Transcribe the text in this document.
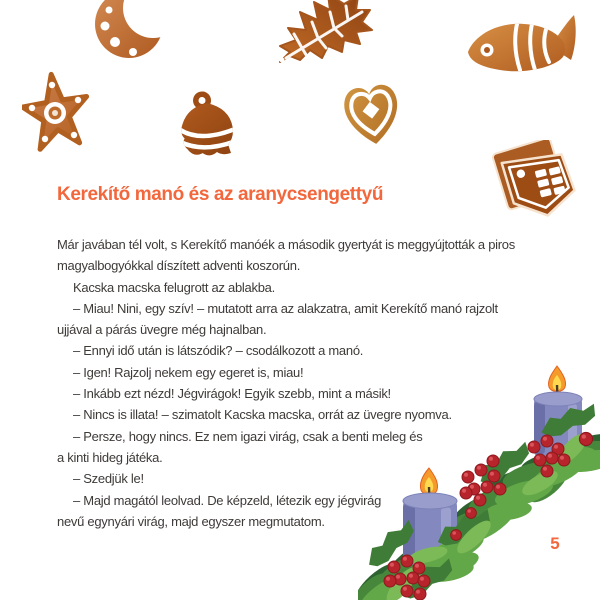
Kerekítő manó és az aranycsengettyű
Már javában tél volt, s Kerekítő manóék a második gyertyát is meggyújtották a piros
magyalbogyókkal díszített adventi koszorún.
Kacska macska felugrott az ablakba.
– Miau! Nini, egy szív! – mutatott arra az alakzatra, amit Kerekítő manó rajzolt
ujjával a párás üvegre még hajnalban.
– Ennyi idő után is látszódik? – csodálkozott a manó.
– Igen! Rajzolj nekem egy egeret is, miau!
– Inkább ezt nézd! Jégvirágok! Egyik szebb, mint a másik!
– Nincs is illata! – szimatolt Kacska macska, orrát az üvegre nyomva.
– Persze, hogy nincs. Ez nem igazi virág, csak a benti meleg és
a kinti hideg játéka.
– Szedjük le!
– Majd magától leolvad. De képzeld, létezik egy jégvirág
nevű egynyári virág, majd egyszer megmutatom.
5
